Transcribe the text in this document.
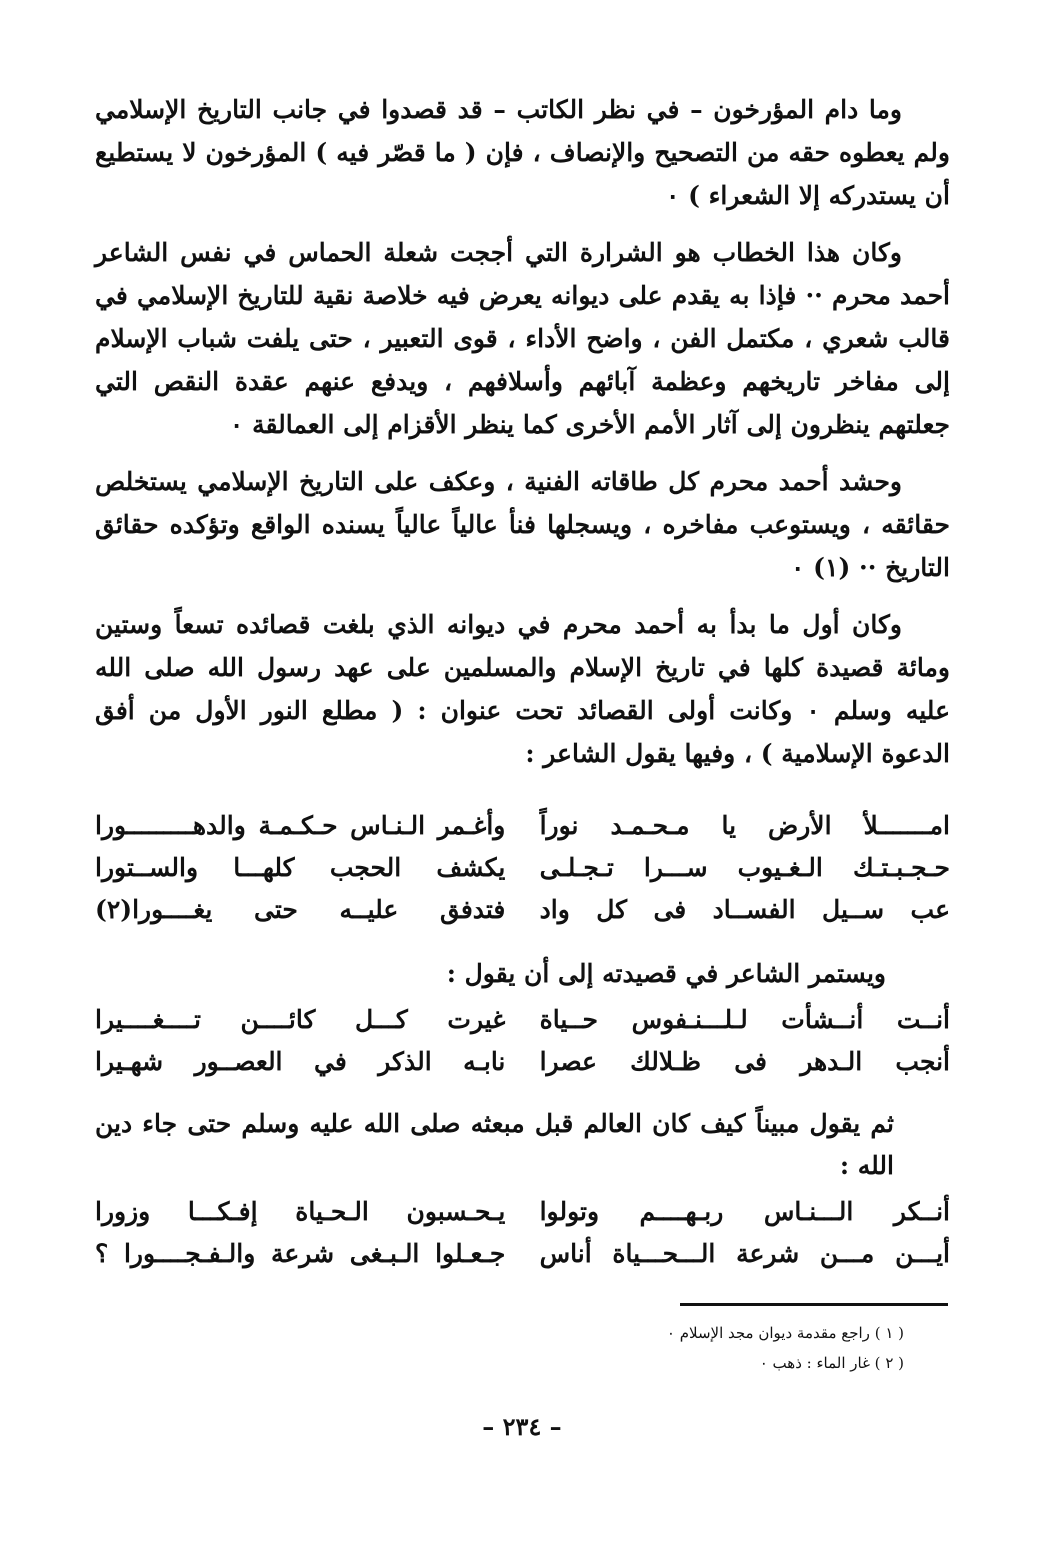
وما دام المؤرخون – في نظر الكاتب – قد قصدوا في جانب التاريخ الإسلامي ولم يعطوه حقه من التصحيح والإنصاف ، فإن ( ما قصّر فيه ) المؤرخون لا يستطيع أن يستدركه إلا الشعراء ) ٠

وكان هذا الخطاب هو الشرارة التي أججت شعلة الحماس في نفس الشاعر أحمد محرم ·· فإذا به يقدم على ديوانه يعرض فيه خلاصة نقية للتاريخ الإسلامي في قالب شعري ، مكتمل الفن ، واضح الأداء ، قوى التعبير ، حتى يلفت شباب الإسلام إلى مفاخر تاريخهم وعظمة آبائهم وأسلافهم ، ويدفع عنهم عقدة النقص التي جعلتهم ينظرون إلى آثار الأمم الأخرى كما ينظر الأقزام إلى العمالقة ٠

وحشد أحمد محرم كل طاقاته الفنية ، وعكف على التاريخ الإسلامي يستخلص حقائقه ، ويستوعب مفاخره ، ويسجلها فنأ عالياً عالياً يسنده الواقع وتؤكده حقائق التاريخ ·· (١) ٠

وكان أول ما بدأ به أحمد محرم في ديوانه الذي بلغت قصائده تسعاً وستين ومائة قصيدة كلها في تاريخ الإسلام والمسلمين على عهد رسول الله صلى الله عليه وسلم ٠ وكانت أولى القصائد تحت عنوان : ( مطلع النور الأول من أفق الدعوة الإسلامية ) ، وفيها يقول الشاعر :

امـــــــلأ الأرض يا مـحـمـد نوراً
وأغـمر الـنـاس حـكـمـة والدهـــــــــورا
حـجـبـتـك الـغـيوب ســـرا تـجـلـى
يكشف الحجب كلهـــا والســتورا
عب ســيل الفســاد فى كل واد
فتدفق عليــه حتى يغــــورا(٢)

ويستمر الشاعر في قصيدته إلى أن يقول :

أنــت أنــشأت لـلـــنـفوس حــياة
غيرت كـــل كائــــن تــــغــــيرا
أنجب الـدهر فى ظـلالك عصرا
نابـه الذكر في العصــور شهـيرا

ثم يقول مبيناً كيف كان العالم قبل مبعثه صلى الله عليه وسلم حتى جاء دين الله :

أنــكر الـــنـاس ربـهــــم وتولوا
يـحـسبون الـحـياة إفـكـــا وزورا
أيـــن مـــن شرعة الـــحـــياة أناس
جـعـلوا الـبـغى شرعة والـفـجــــورا ؟
( ١ ) راجع مقدمة ديوان مجد الإسلام ٠
( ٢ ) غار الماء : ذهب ٠
– ٢٣٤ –
